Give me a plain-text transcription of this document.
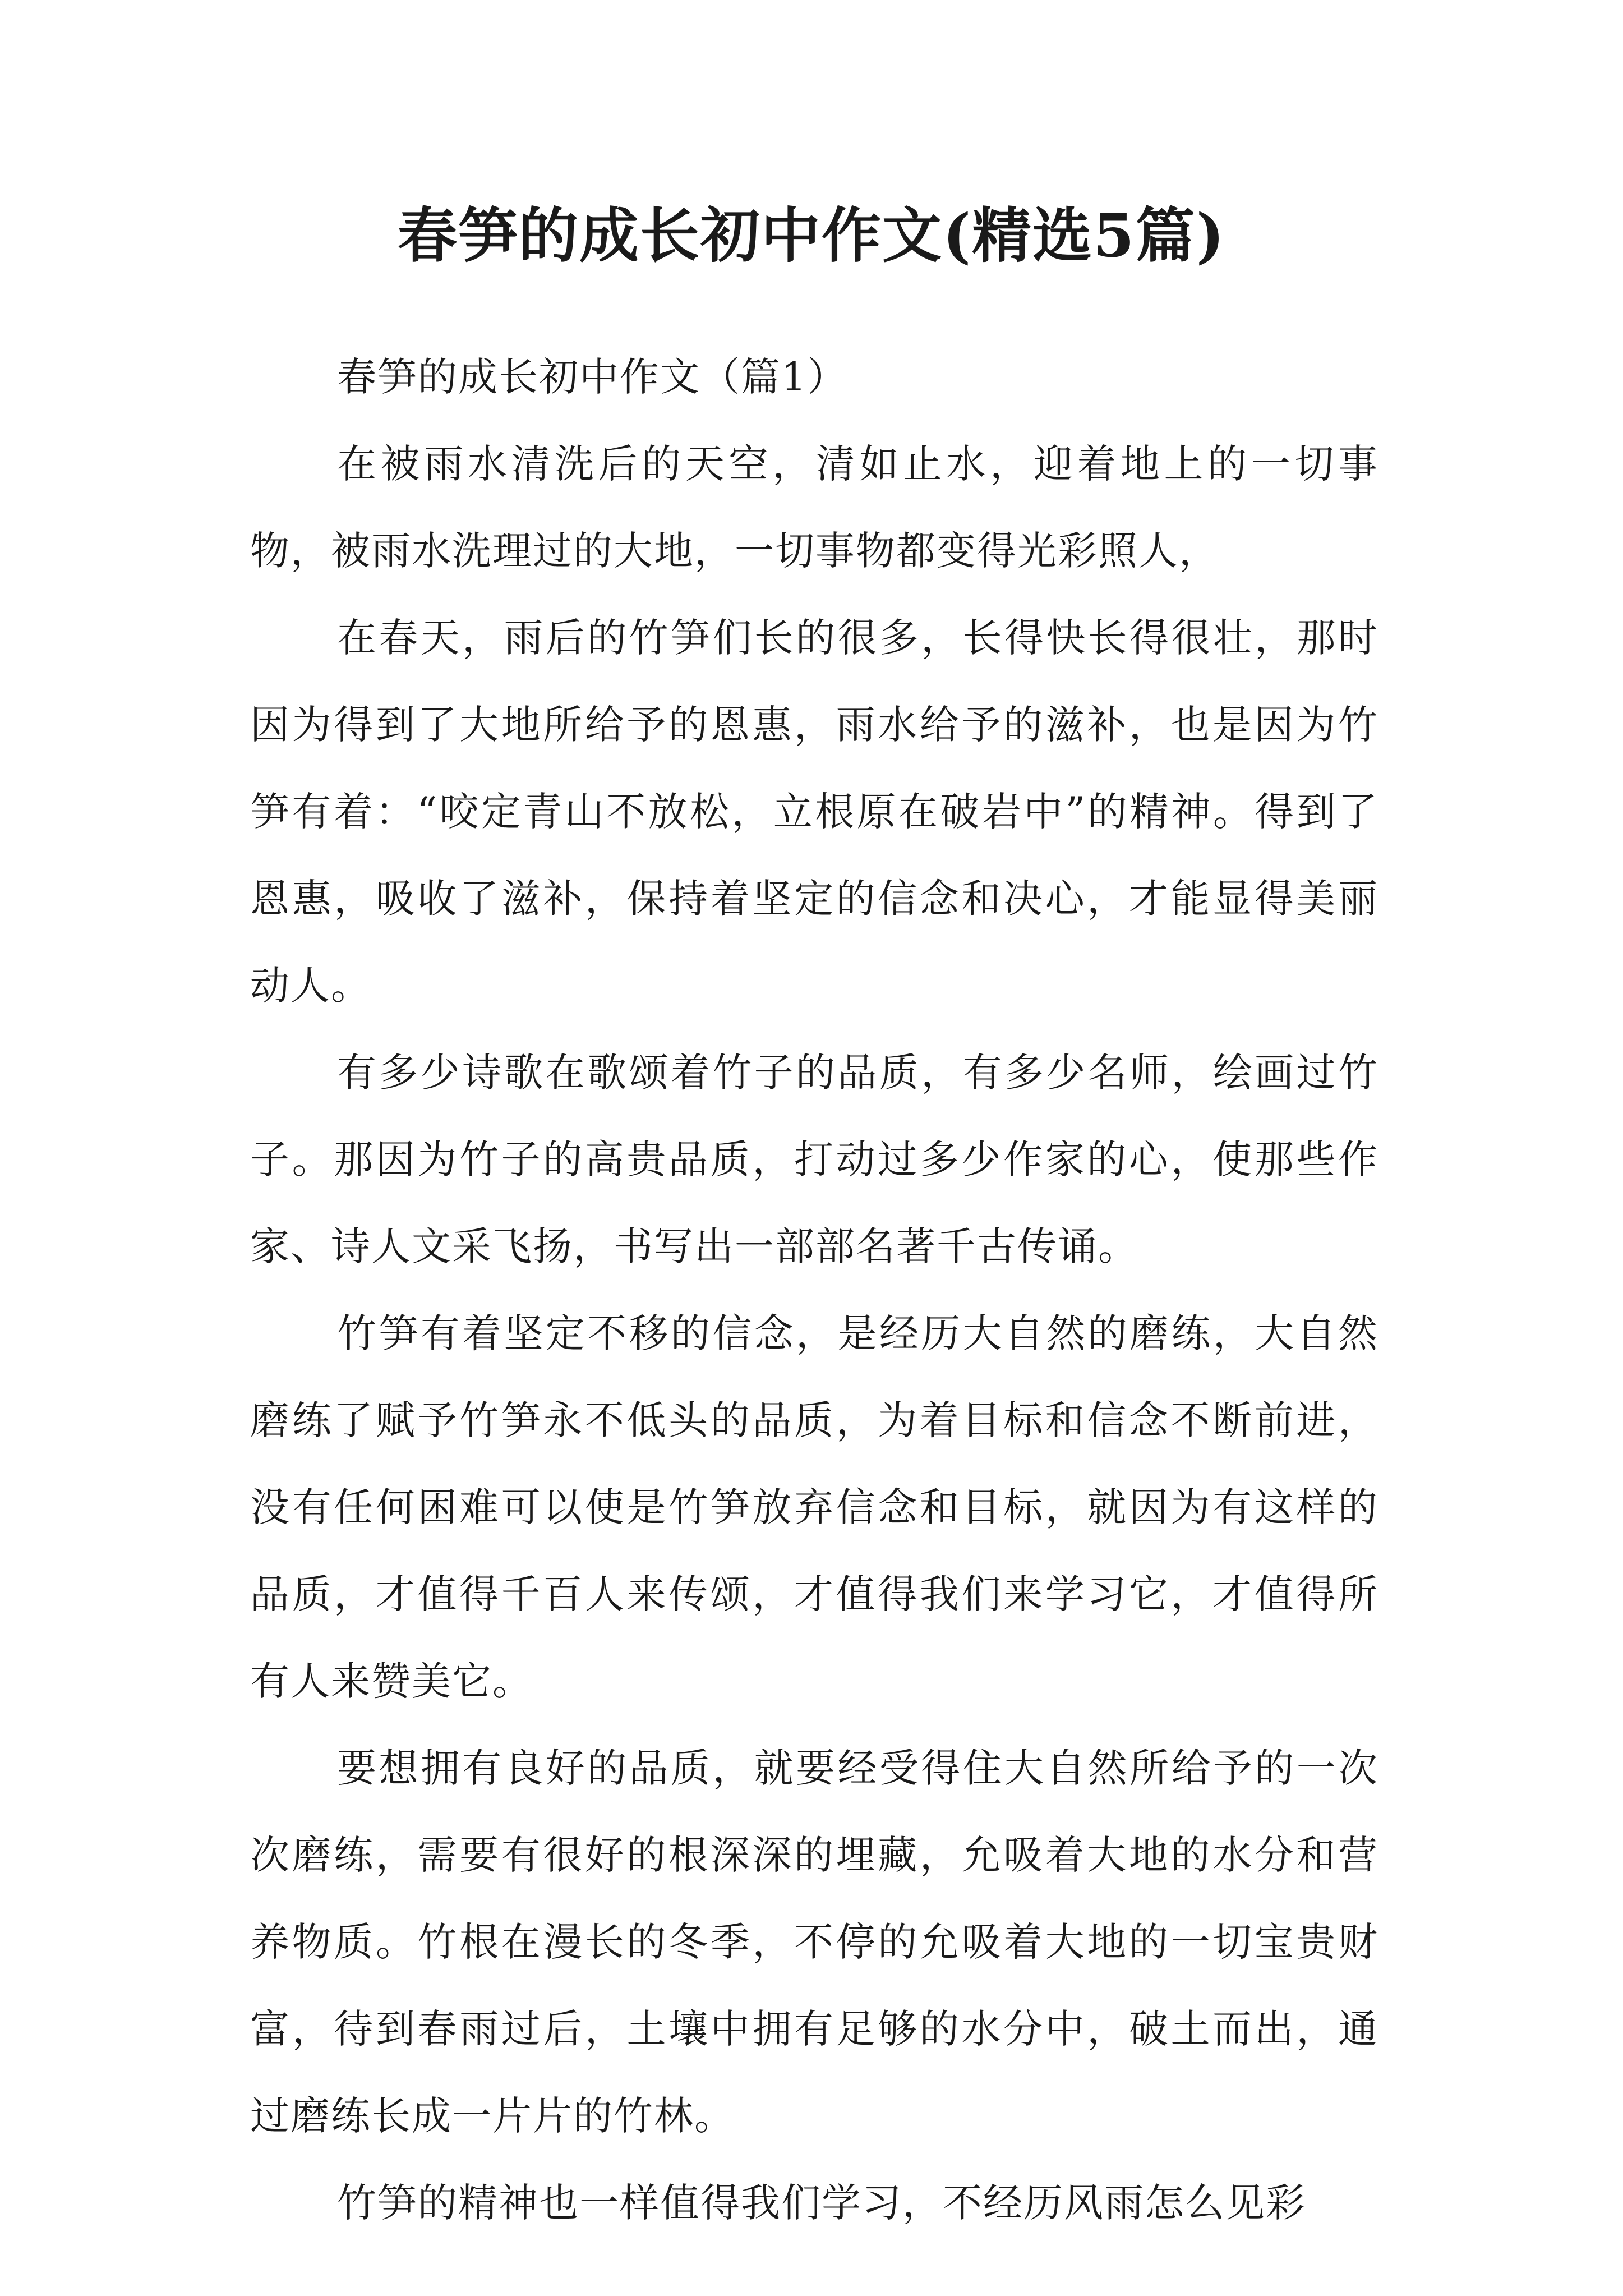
春笋的成长初中作文(精选5篇)

春笋的成长初中作文（篇1）

在被雨水清洗后的天空，清如止水，迎着地上的一切事物，被雨水洗理过的大地，一切事物都变得光彩照人，

在春天，雨后的竹笋们长的很多，长得快长得很壮，那时因为得到了大地所给予的恩惠，雨水给予的滋补，也是因为竹笋有着：“咬定青山不放松，立根原在破岩中”的精神。得到了恩惠，吸收了滋补，保持着坚定的信念和决心，才能显得美丽动人。

有多少诗歌在歌颂着竹子的品质，有多少名师，绘画过竹子。那因为竹子的高贵品质，打动过多少作家的心，使那些作家、诗人文采飞扬，书写出一部部名著千古传诵。

竹笋有着坚定不移的信念，是经历大自然的磨练，大自然磨练了赋予竹笋永不低头的品质，为着目标和信念不断前进，没有任何困难可以使是竹笋放弃信念和目标，就因为有这样的品质，才值得千百人来传颂，才值得我们来学习它，才值得所有人来赞美它。

要想拥有良好的品质，就要经受得住大自然所给予的一次次磨练，需要有很好的根深深的埋藏，允吸着大地的水分和营养物质。竹根在漫长的冬季，不停的允吸着大地的一切宝贵财富，待到春雨过后，土壤中拥有足够的水分中，破土而出，通过磨练长成一片片的竹林。

竹笋的精神也一样值得我们学习，不经历风雨怎么见彩
